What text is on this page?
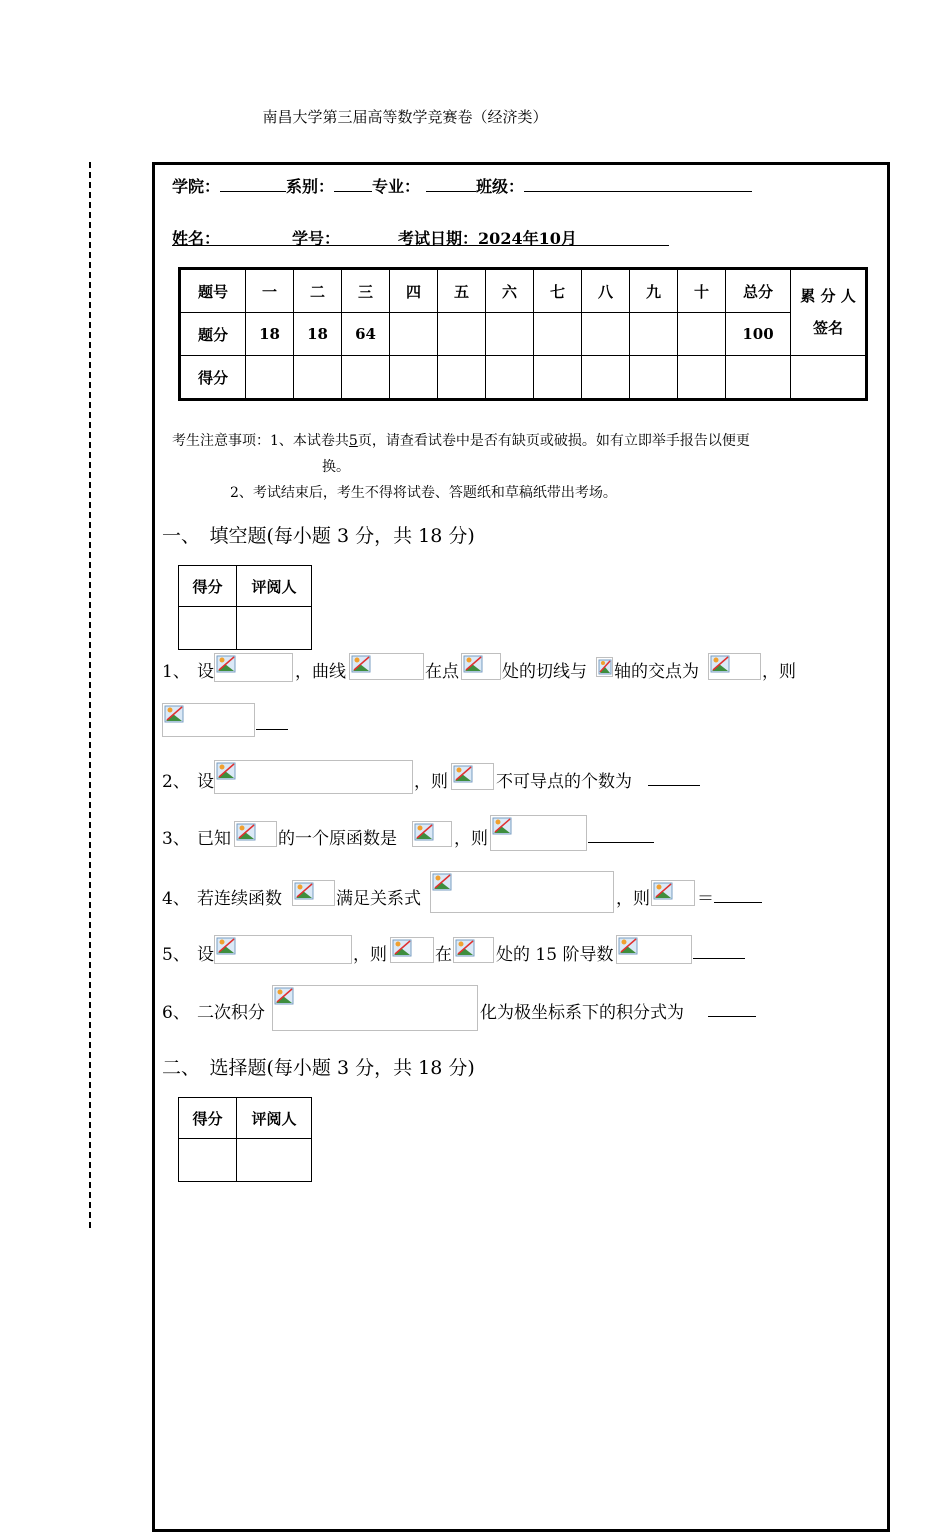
南昌大学第三届高等数学竞赛卷（经济类）
学院：	系别： 专业：	班级：
姓名：	学号：	考试日期：2024年10月
题号	一	二	三	四	五	六	七	八	九	十	总分	累 分 人
签名

题分	18	18	64								100	
得分												
考生注意事项：1、本试卷共5页，请查看试卷中是否有缺页或破损。如有立即举手报告以便更
换。
2、考试结束后，考生不得将试卷、答题纸和草稿纸带出考场。
一、　填空题(每小题 3 分，共 18 分)
得分	评阅人

1、 设	，曲线	在点	处的切线与 轴的交点为	，则
2、 设	，则	不可导点的个数为
3、 已知	的一个原函数是	，则
4、 若连续函数	满足关系式	，则	＝
5、 设	，则	在	处的 15 阶导数
6、 二次积分	化为极坐标系下的积分式为
二、　选择题(每小题 3 分，共 18 分)
得分	评阅人
